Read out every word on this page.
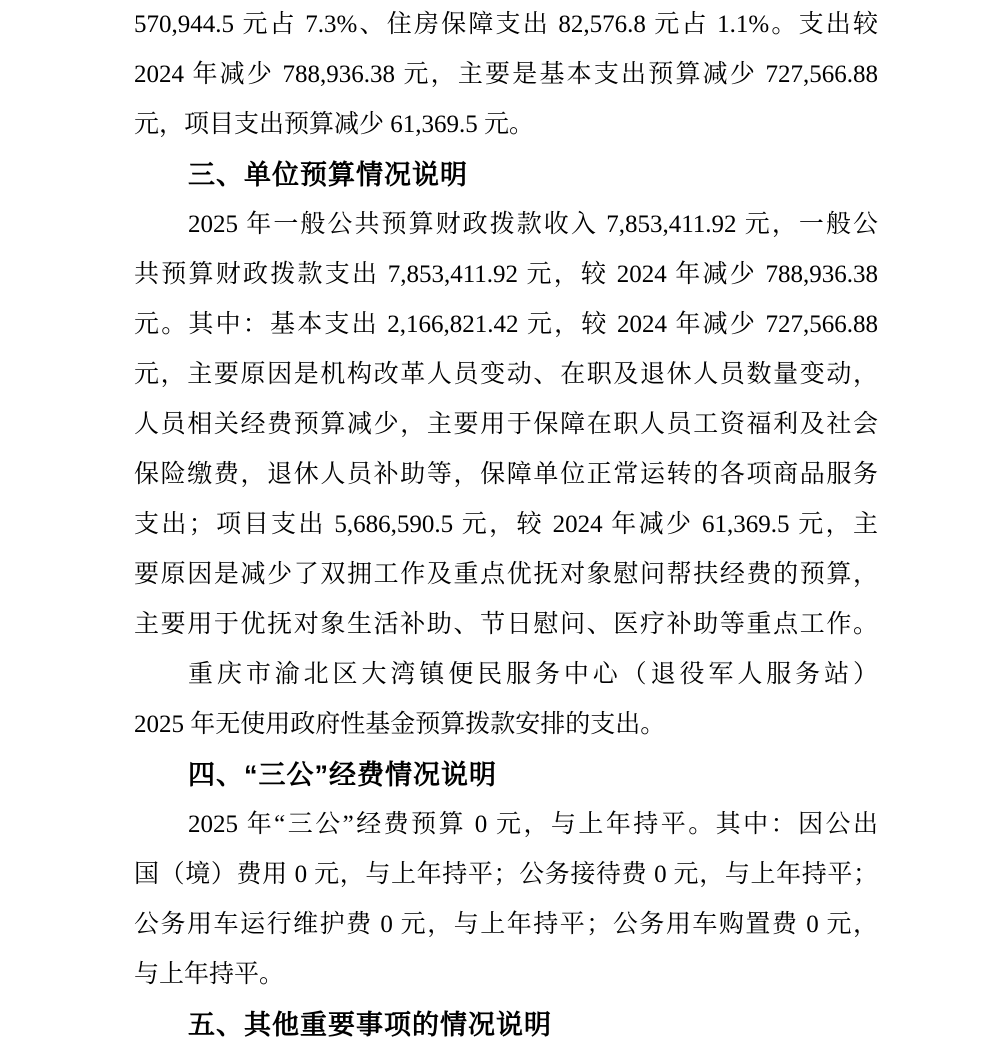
570,944.5 元占 7.3%、住房保障支出 82,576.8 元占 1.1%。支出较
2024 年减少 788,936.38 元，主要是基本支出预算减少 727,566.88
元，项目支出预算减少 61,369.5 元。
三、单位预算情况说明
2025 年一般公共预算财政拨款收入 7,853,411.92 元，一般公
共预算财政拨款支出 7,853,411.92 元，较 2024 年减少 788,936.38
元。其中：基本支出 2,166,821.42 元，较 2024 年减少 727,566.88
元，主要原因是机构改革人员变动、在职及退休人员数量变动，
人员相关经费预算减少，主要用于保障在职人员工资福利及社会
保险缴费，退休人员补助等，保障单位正常运转的各项商品服务
支出；项目支出 5,686,590.5 元，较 2024 年减少 61,369.5 元，主
要原因是减少了双拥工作及重点优抚对象慰问帮扶经费的预算，
主要用于优抚对象生活补助、节日慰问、医疗补助等重点工作。
重庆市渝北区大湾镇便民服务中心（退役军人服务站）
2025 年无使用政府性基金预算拨款安排的支出。
四、“三公”经费情况说明
2025 年“三公”经费预算 0 元，与上年持平。其中：因公出
国（境）费用 0 元，与上年持平；公务接待费 0 元，与上年持平；
公务用车运行维护费 0 元，与上年持平；公务用车购置费 0 元，
与上年持平。
五、其他重要事项的情况说明
